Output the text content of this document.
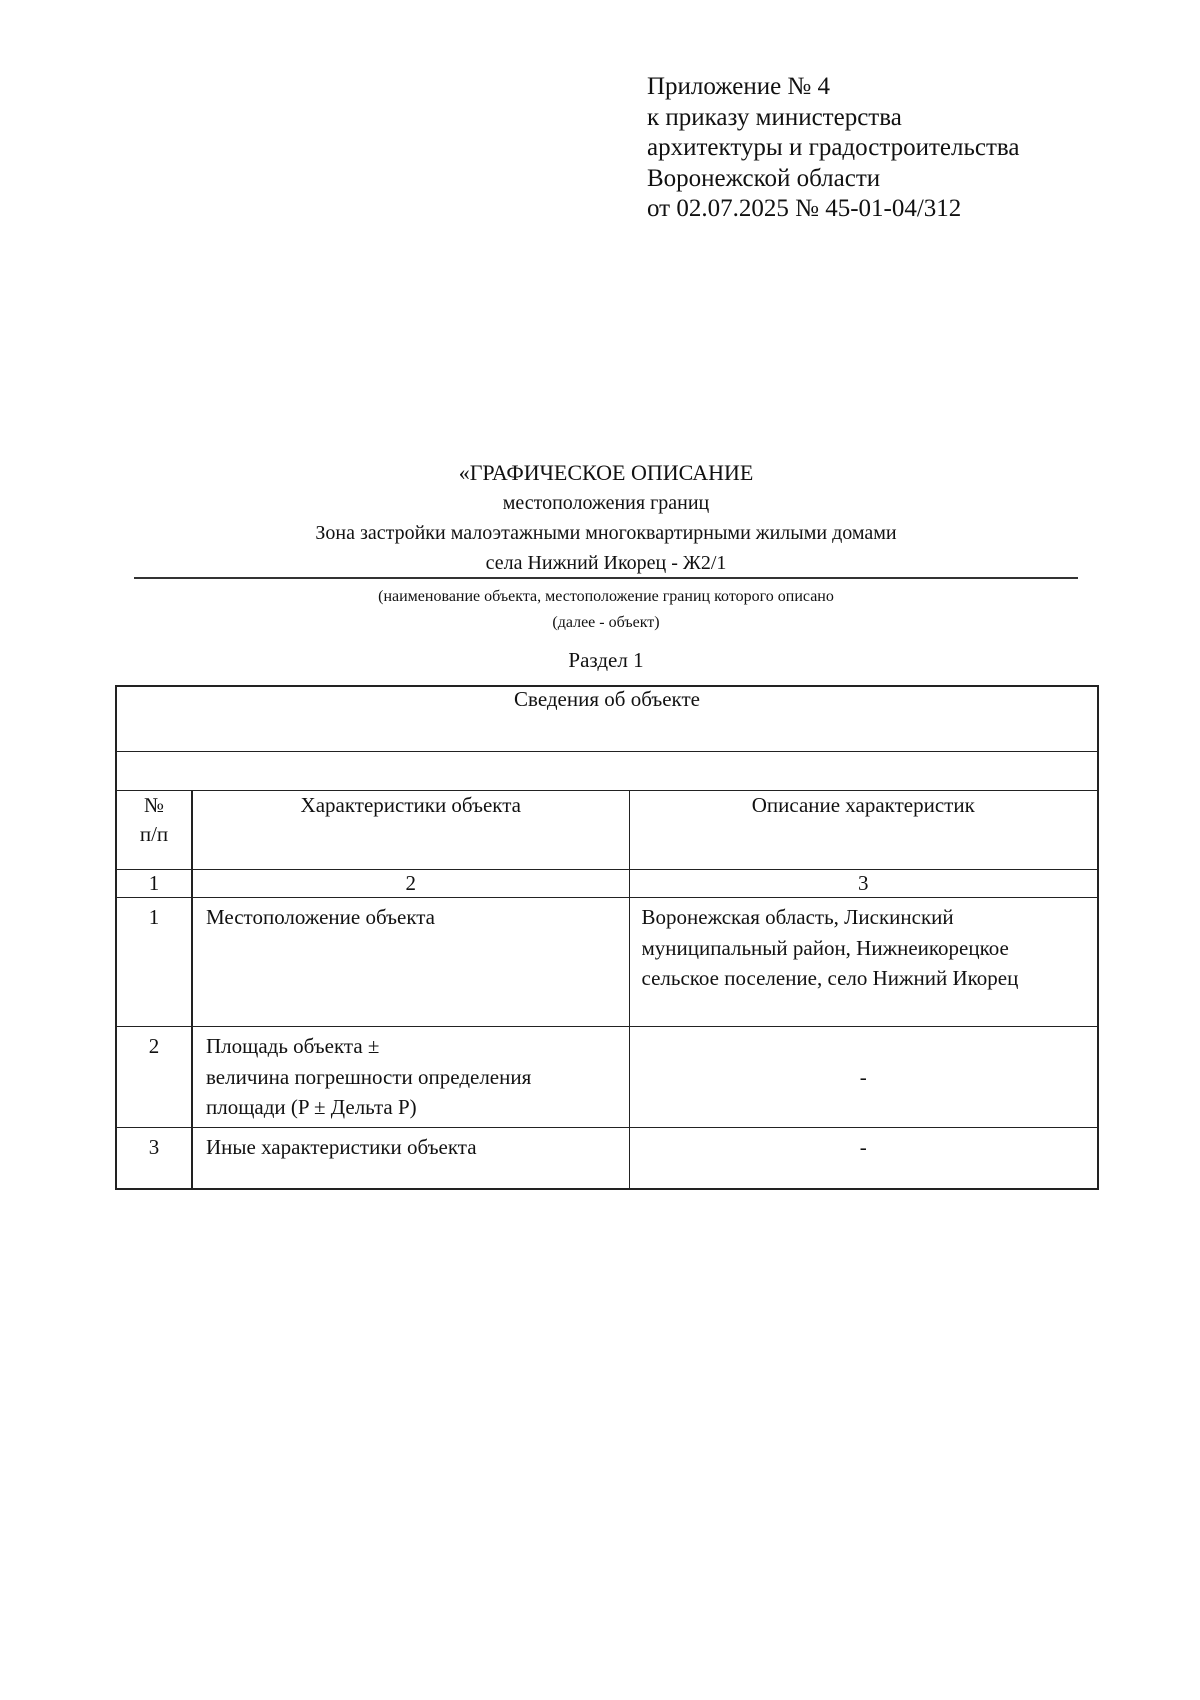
Приложение № 4
к приказу министерства
архитектуры и градостроительства
Воронежской области
от 02.07.2025 № 45-01-04/312
«ГРАФИЧЕСКОЕ ОПИСАНИЕ
местоположения границ
Зона застройки малоэтажными многоквартирными жилыми домами
села Нижний Икорец - Ж2/1
(наименование объекта, местоположение границ которого описано
(далее - объект)
Раздел 1
Сведения об объекте		

№
п/п	Характеристики объекта	Описание характеристик
1	2	3
1	Местоположение объекта	Воронежская область, Лискинский
муниципальный район, Нижнеикорецкое
сельское поселение, село Нижний Икорец

2	Площадь объекта ±
величина погрешности определения
площади (P ± Дельта P)	-
3	Иные характеристики объекта	-
